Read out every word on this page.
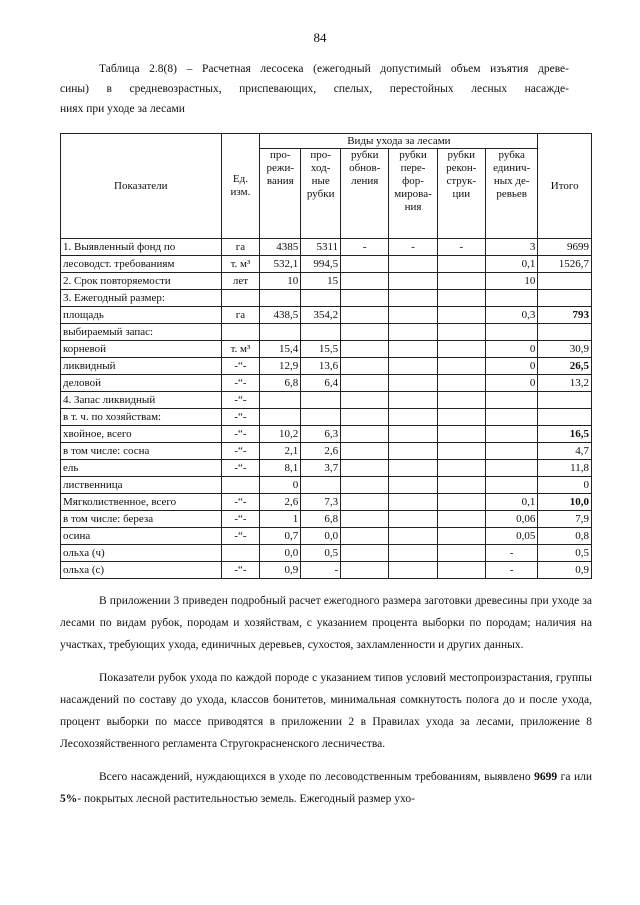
84
Таблица 2.8(8) – Расчетная лесосека (ежегодный допустимый объем изъятия древе-
сины) в средневозрастных, приспевающих, спелых, перестойных лесных насажде-
ниях при уходе за лесами
Показатели	Ед. изм.	Виды ухода за лесами						Итого
		про-режи-вания	про-ход-ные рубки	рубки обнов-ления	рубки пере-фор-мирова-ния	рубки рекон-струк-ции	рубка единич-ных де-ревьев	
1. Выявленный фонд по	га	4385	5311	-	-	-	3	9699
лесоводст. требованиям	т. м³	532,1	994,5				0,1	1526,7
2. Срок повторяемости	лет	10	15				10	
3. Ежегодный размер:								
площадь	га	438,5	354,2				0,3	793
выбираемый запас:								
корневой	т. м³	15,4	15,5				0	30,9
ликвидный	-“-	12,9	13,6				0	26,5
деловой	-“-	6,8	6,4				0	13,2
4. Запас ликвидный	-“-							
в т. ч. по хозяйствам:	-“-							
хвойное, всего	-“-	10,2	6,3					16,5
в том числе: сосна	-“-	2,1	2,6					4,7
ель	-“-	8,1	3,7					11,8
лиственница		0						0
Мягколиственное, всего	-“-	2,6	7,3				0,1	10,0
в том числе: береза	-“-	1	6,8				0,06	7,9
осина	-“-	0,7	0,0				0,05	0,8
ольха (ч)		0,0	0,5				-	0,5
ольха (с)	-“-	0,9	-				-	0,9

В приложении 3 приведен подробный расчет ежегодного размера заготовки древесины при уходе за лесами по видам рубок, породам и хозяйствам, с указанием процента выборки по породам; наличия на участках, требующих ухода, единичных деревьев, сухостоя, захламленности и других данных.

Показатели рубок ухода по каждой породе с указанием типов условий местопроизрастания, группы насаждений по составу до ухода, классов бонитетов, минимальная сомкнутость полога до и после ухода, процент выборки по массе приводятся в приложении 2 в Правилах ухода за лесами, приложение 8 Лесохозяйственного регламента Стругокрасненского лесничества.

Всего насаждений, нуждающихся в уходе по лесоводственным требованиям, выявлено 9699 га или 5%- покрытых лесной растительностью земель. Ежегодный размер ухо-
